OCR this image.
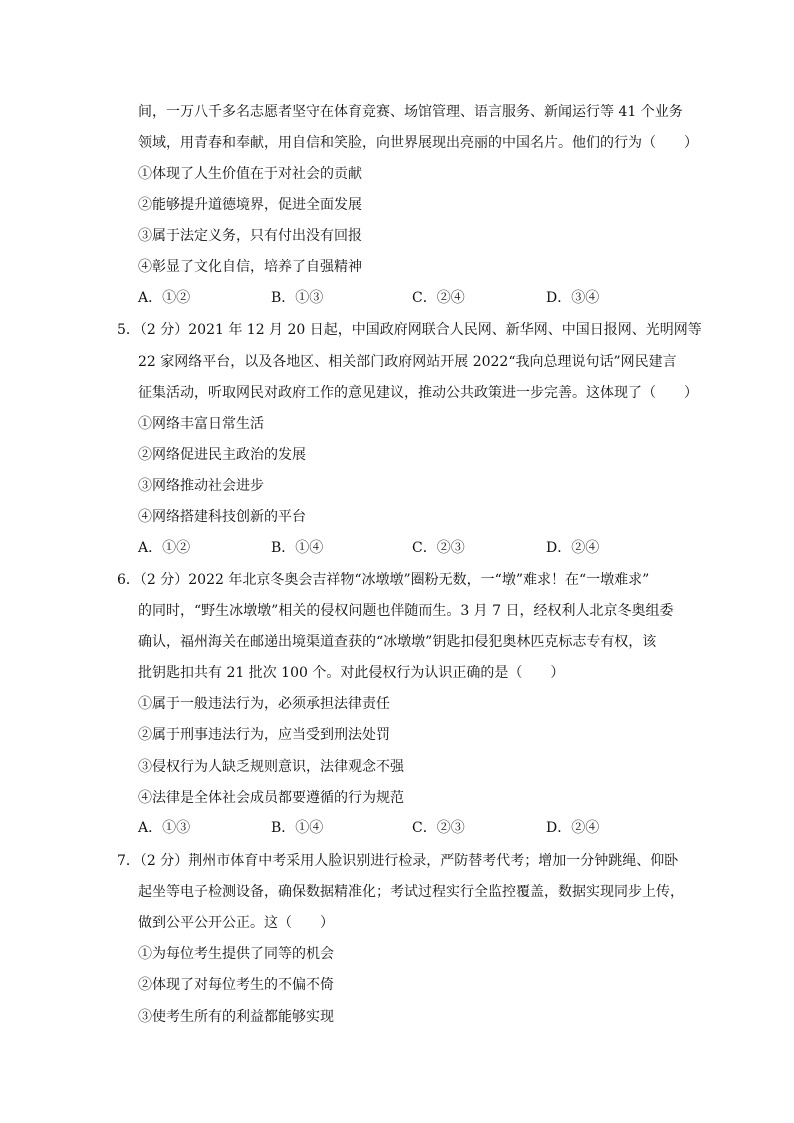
间，一万八千多名志愿者坚守在体育竞赛、场馆管理、语言服务、新闻运行等 41 个业务
领域，用青春和奉献，用自信和笑脸，向世界展现出亮丽的中国名片。他们的行为（　　）
①体现了人生价值在于对社会的贡献
②能够提升道德境界，促进全面发展
③属于法定义务，只有付出没有回报
④彰显了文化自信，培养了自强精神
A．①②	B．①③	C．②④	D．③④
5．（2 分）2021 年 12 月 20 日起，中国政府网联合人民网、新华网、中国日报网、光明网等
22 家网络平台，以及各地区、相关部门政府网站开展 2022“我向总理说句话”网民建言
征集活动，听取网民对政府工作的意见建议，推动公共政策进一步完善。这体现了（　　）
①网络丰富日常生活
②网络促进民主政治的发展
③网络推动社会进步
④网络搭建科技创新的平台
A．①②	B．①④	C．②③	D．②④
6．（2 分）2022 年北京冬奥会吉祥物“冰墩墩”圈粉无数，一“墩”难求！在“一墩难求”
的同时，“野生冰墩墩”相关的侵权问题也伴随而生。3 月 7 日，经权利人北京冬奥组委
确认，福州海关在邮递出境渠道查获的“冰墩墩”钥匙扣侵犯奥林匹克标志专有权，该
批钥匙扣共有 21 批次 100 个。对此侵权行为认识正确的是（　　）
①属于一般违法行为，必须承担法律责任
②属于刑事违法行为，应当受到刑法处罚
③侵权行为人缺乏规则意识，法律观念不强
④法律是全体社会成员都要遵循的行为规范
A．①③	B．①④	C．②③	D．②④
7．（2 分）荆州市体育中考采用人脸识别进行检录，严防替考代考；增加一分钟跳绳、仰卧
起坐等电子检测设备，确保数据精准化；考试过程实行全监控覆盖，数据实现同步上传，
做到公平公开公正。这（　　）
①为每位考生提供了同等的机会
②体现了对每位考生的不偏不倚
③使考生所有的利益都能够实现
